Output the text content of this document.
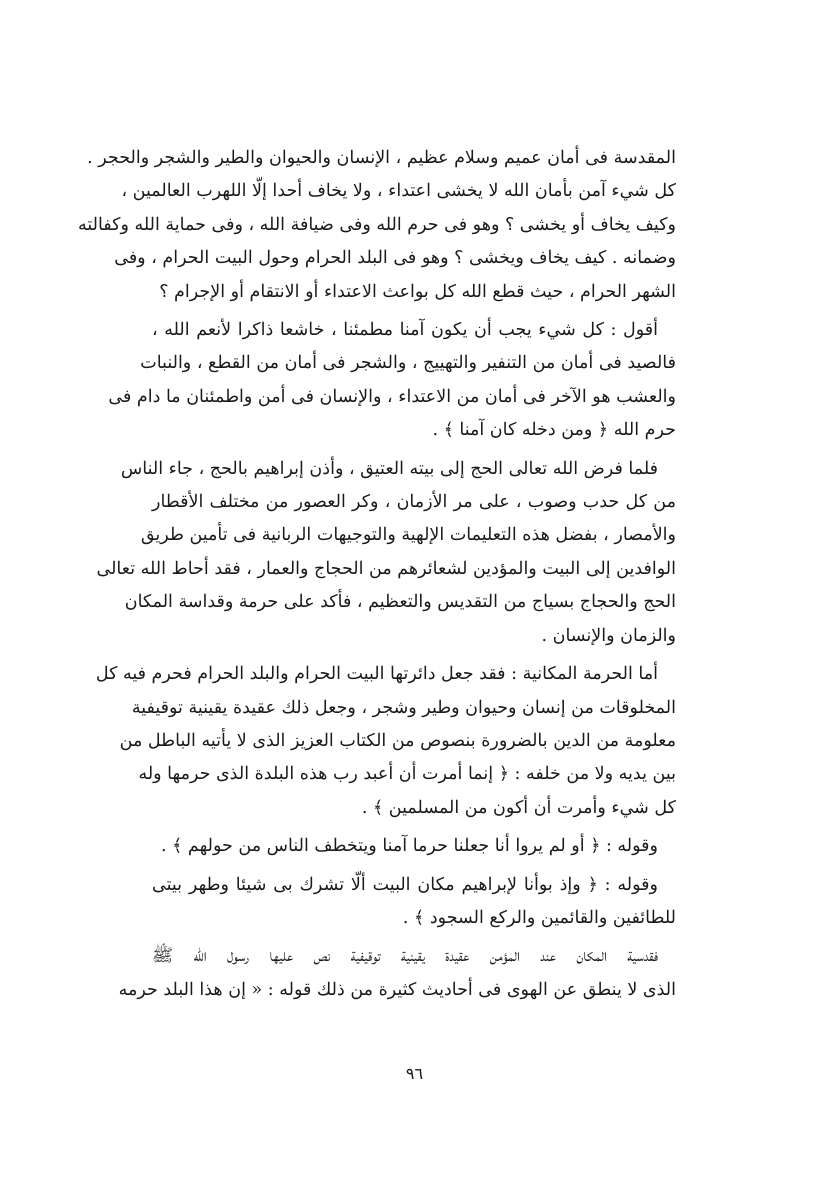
المقدسة فى أمان عميم وسلام عظيم ، الإنسان والحيوان والطير والشجر والحجر .
كل شيء آمن بأمان الله لا يخشى اعتداء ، ولا يخاف أحدا إلّا اللهرب العالمين ،
وكيف يخاف أو يخشى ؟ وهو فى حرم الله وفى ضيافة الله ، وفى حماية الله وكفالته
وضمانه . كيف يخاف ويخشى ؟ وهو فى البلد الحرام وحول البيت الحرام ، وفى
الشهر الحرام ، حيث قطع الله كل بواعث الاعتداء أو الانتقام أو الإجرام ؟
أقول : كل شيء يجب أن يكون آمنا مطمئنا ، خاشعا ذاكرا لأنعم الله ،
فالصيد فى أمان من التنفير والتهييج ، والشجر فى أمان من القطع ، والنبات
والعشب هو الآخر فى أمان من الاعتداء ، والإنسان فى أمن واطمئنان ما دام فى
حرم الله ﴿ ومن دخله كان آمنا ﴾ .
فلما فرض الله تعالى الحج إلى بيته العتيق ، وأذن إبراهيم بالحج ، جاء الناس
من كل حدب وصوب ، على مر الأزمان ، وكر العصور من مختلف الأقطار
والأمصار ، بفضل هذه التعليمات الإلهية والتوجيهات الربانية فى تأمين طريق
الوافدين إلى البيت والمؤدين لشعائرهم من الحجاج والعمار ، فقد أحاط الله تعالى
الحج والحجاج بسياج من التقديس والتعظيم ، فأكد على حرمة وقداسة المكان
والزمان والإنسان .
أما الحرمة المكانية : فقد جعل دائرتها البيت الحرام والبلد الحرام فحرم فيه كل
المخلوقات من إنسان وحيوان وطير وشجر ، وجعل ذلك عقيدة يقينية توقيفية
معلومة من الدين بالضرورة بنصوص من الكتاب العزيز الذى لا يأتيه الباطل من
بين يديه ولا من خلفه : ﴿ إنما أمرت أن أعبد رب هذه البلدة الذى حرمها وله
كل شيء وأمرت أن أكون من المسلمين ﴾ .
وقوله : ﴿ أو لم يروا أنا جعلنا حرما آمنا ويتخطف الناس من حولهم ﴾ .
وقوله : ﴿ وإذ بوأنا لإبراهيم مكان البيت ألّا تشرك بى شيئا وطهر بيتى
للطائفين والقائمين والركع السجود ﴾ .
فقدسية المكان عند المؤمن عقيدة يقينية توقيفية نص عليها رسول الله ﷺ
الذى لا ينطق عن الهوى فى أحاديث كثيرة من ذلك قوله : « إن هذا البلد حرمه
٩٦
